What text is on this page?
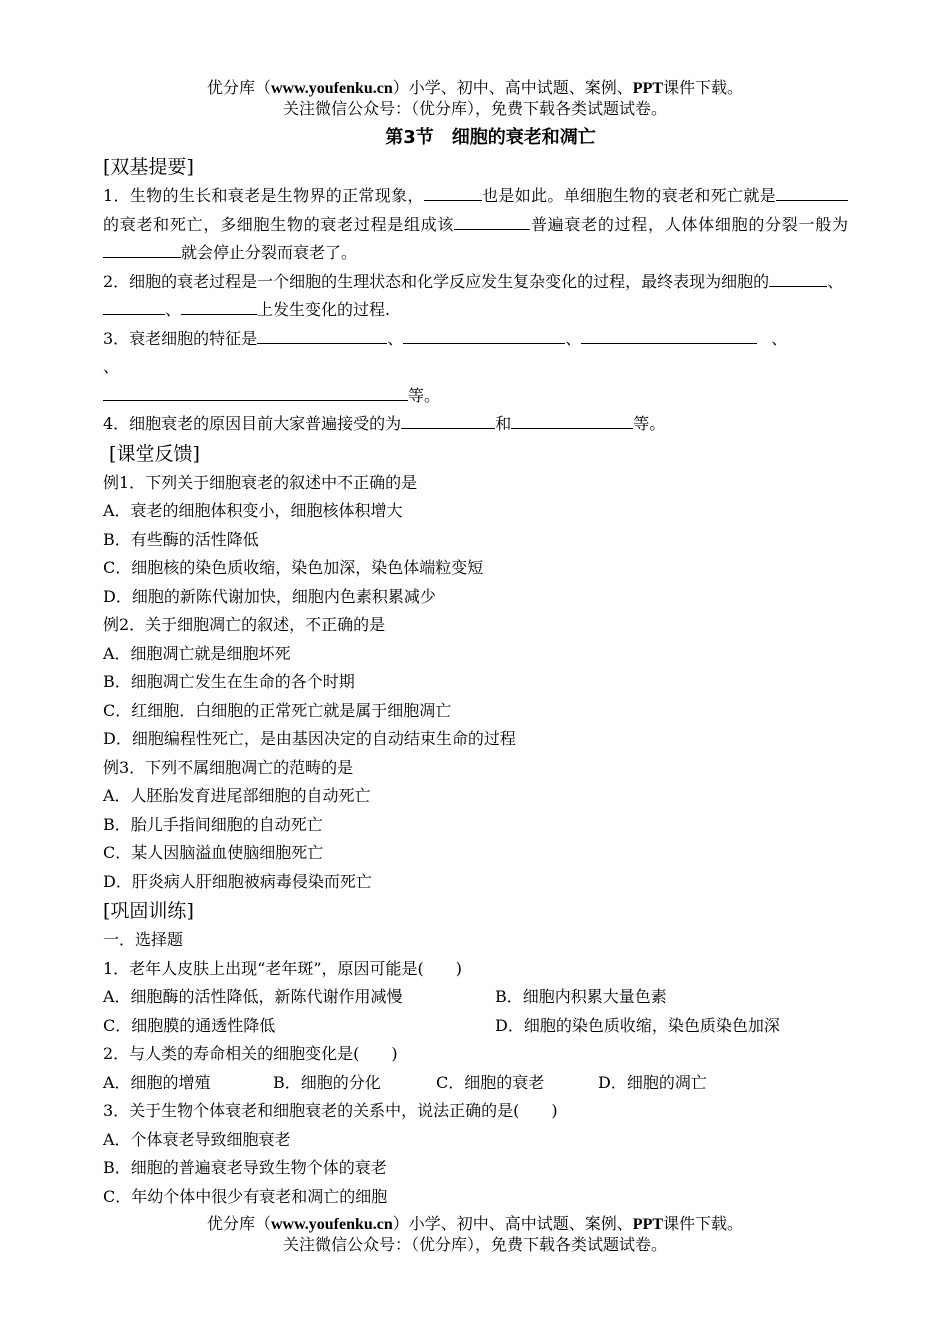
优分库（www.youfenku.cn）小学、初中、高中试题、案例、PPT课件下载。
关注微信公众号：（优分库），免费下载各类试题试卷。
第3节　细胞的衰老和凋亡
[双基提要]

1．生物的生长和衰老是生物界的正常现象，	也是如此。单细胞生物的衰老和死亡就是的衰老和死亡，多细胞生物的衰老过程是组成该	普遍衰老的过程，人体体细胞的分裂一般为就会停止分裂而衰老了。

2．细胞的衰老过程是一个细胞的生理状态和化学反应发生复杂变化的过程，最终表现为细胞的	、、	上发生变化的过程.

3．衰老细胞的特征是	、	、	、
、
等。

4．细胞衰老的原因目前大家普遍接受的为	和	等。

[课堂反馈]

例1．下列关于细胞衰老的叙述中不正确的是

A．衰老的细胞体积变小，细胞核体积增大

B．有些酶的活性降低

C．细胞核的染色质收缩，染色加深，染色体端粒变短

D．细胞的新陈代谢加快，细胞内色素积累减少

例2．关于细胞凋亡的叙述，不正确的是

A．细胞凋亡就是细胞坏死

B．细胞凋亡发生在生命的各个时期

C．红细胞．白细胞的正常死亡就是属于细胞凋亡

D．细胞编程性死亡，是由基因决定的自动结束生命的过程

例3．下列不属细胞凋亡的范畴的是

A．人胚胎发育进尾部细胞的自动死亡

B．胎儿手指间细胞的自动死亡

C．某人因脑溢血使脑细胞死亡

D．肝炎病人肝细胞被病毒侵染而死亡

[巩固训练]

一．选择题

1．老年人皮肤上出现“老年斑”，原因可能是(　　)

A．细胞酶的活性降低，新陈代谢作用减慢	B．细胞内积累大量色素
C．细胞膜的通透性降低	D．细胞的染色质收缩，染色质染色加深

2．与人类的寿命相关的细胞变化是(　　)

A．细胞的增殖	B．细胞的分化	C．细胞的衰老	D．细胞的凋亡

3．关于生物个体衰老和细胞衰老的关系中，说法正确的是(　　)

A．个体衰老导致细胞衰老

B．细胞的普遍衰老导致生物个体的衰老

C．年幼个体中很少有衰老和凋亡的细胞

优分库（www.youfenku.cn）小学、初中、高中试题、案例、PPT课件下载。
关注微信公众号：（优分库），免费下载各类试题试卷。
